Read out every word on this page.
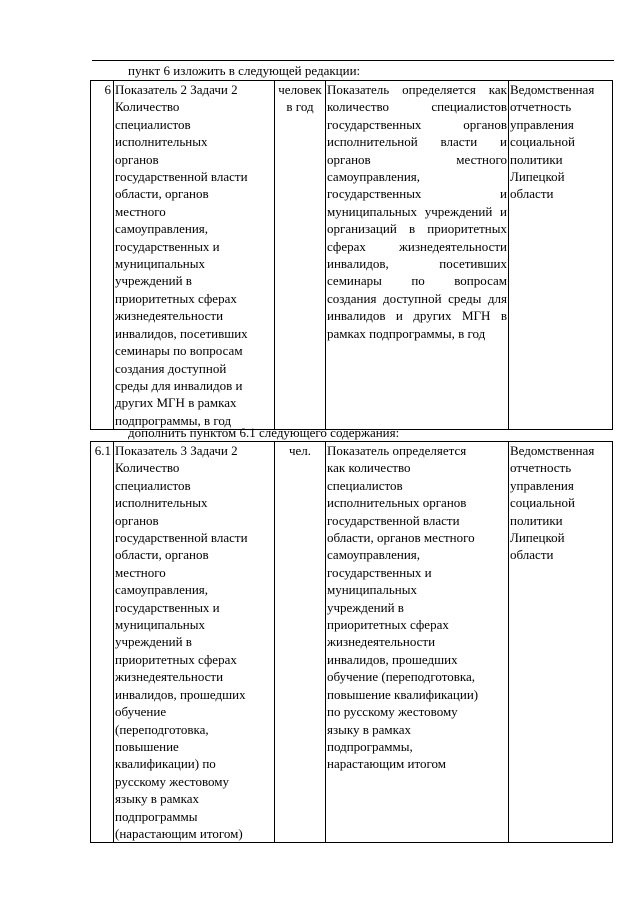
пункт 6 изложить в следующей редакции:
6	Показатель 2 Задачи 2
Количество
специалистов
исполнительных
органов
государственной власти
области, органов
местного
самоуправления,
государственных и
муниципальных
учреждений в
приоритетных сферах
жизнедеятельности
инвалидов, посетивших
семинары по вопросам
создания доступной
среды для инвалидов и
других МГН в рамках
подпрограммы, в год	человек
в год	Показатель определяется как количество специалистов государственных органов исполнительной власти и органов местного самоуправления, государственных и муниципальных учреждений и организаций в приоритетных сферах жизнедеятельности инвалидов, посетивших семинары по вопросам создания доступной среды для инвалидов и других МГН в рамках подпрограммы, в год	Ведомственная
отчетность
управления
социальной
политики
Липецкой
области
дополнить пунктом 6.1 следующего содержания:
6.1	Показатель 3 Задачи 2
Количество
специалистов
исполнительных
органов
государственной власти
области, органов
местного
самоуправления,
государственных и
муниципальных
учреждений в
приоритетных сферах
жизнедеятельности
инвалидов, прошедших
обучение
(переподготовка,
повышение
квалификации) по
русскому жестовому
языку в рамках
подпрограммы
(нарастающим итогом)	чел.	Показатель определяется
как количество
специалистов
исполнительных органов
государственной власти
области, органов местного
самоуправления,
государственных и
муниципальных
учреждений в
приоритетных сферах
жизнедеятельности
инвалидов, прошедших
обучение (переподготовка,
повышение квалификации)
по русскому жестовому
языку в рамках
подпрограммы,
нарастающим итогом	Ведомственная
отчетность
управления
социальной
политики
Липецкой
области
